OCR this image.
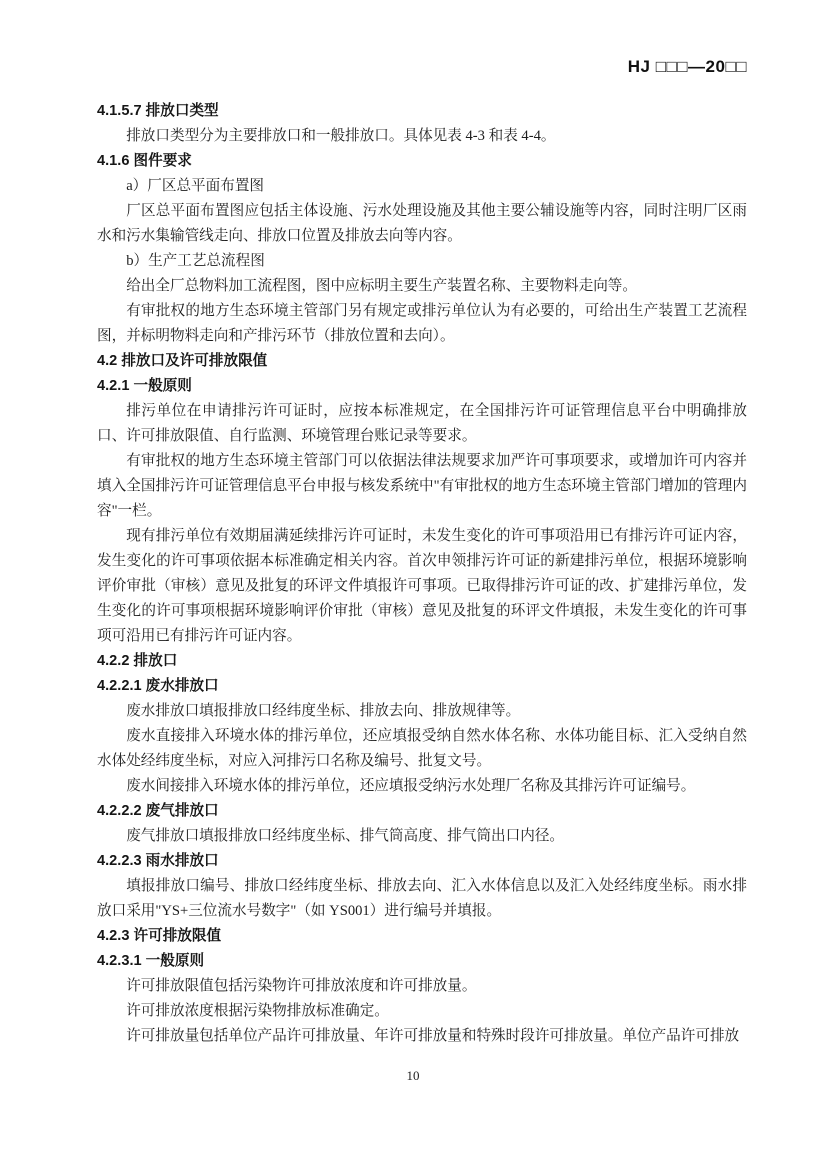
HJ □□□—20□□
4.1.5.7 排放口类型
排放口类型分为主要排放口和一般排放口。具体见表 4-3 和表 4-4。
4.1.6 图件要求
a）厂区总平面布置图
厂区总平面布置图应包括主体设施、污水处理设施及其他主要公辅设施等内容，同时注明厂区雨水和污水集输管线走向、排放口位置及排放去向等内容。
b）生产工艺总流程图
给出全厂总物料加工流程图，图中应标明主要生产装置名称、主要物料走向等。
有审批权的地方生态环境主管部门另有规定或排污单位认为有必要的，可给出生产装置工艺流程图，并标明物料走向和产排污环节（排放位置和去向）。
4.2 排放口及许可排放限值
4.2.1 一般原则
排污单位在申请排污许可证时，应按本标准规定，在全国排污许可证管理信息平台中明确排放口、许可排放限值、自行监测、环境管理台账记录等要求。
有审批权的地方生态环境主管部门可以依据法律法规要求加严许可事项要求，或增加许可内容并填入全国排污许可证管理信息平台申报与核发系统中"有审批权的地方生态环境主管部门增加的管理内容"一栏。
现有排污单位有效期届满延续排污许可证时，未发生变化的许可事项沿用已有排污许可证内容，发生变化的许可事项依据本标准确定相关内容。首次申领排污许可证的新建排污单位，根据环境影响评价审批（审核）意见及批复的环评文件填报许可事项。已取得排污许可证的改、扩建排污单位，发生变化的许可事项根据环境影响评价审批（审核）意见及批复的环评文件填报，未发生变化的许可事项可沿用已有排污许可证内容。
4.2.2 排放口
4.2.2.1 废水排放口
废水排放口填报排放口经纬度坐标、排放去向、排放规律等。
废水直接排入环境水体的排污单位，还应填报受纳自然水体名称、水体功能目标、汇入受纳自然水体处经纬度坐标，对应入河排污口名称及编号、批复文号。
废水间接排入环境水体的排污单位，还应填报受纳污水处理厂名称及其排污许可证编号。
4.2.2.2 废气排放口
废气排放口填报排放口经纬度坐标、排气筒高度、排气筒出口内径。
4.2.2.3 雨水排放口
填报排放口编号、排放口经纬度坐标、排放去向、汇入水体信息以及汇入处经纬度坐标。雨水排放口采用"YS+三位流水号数字"（如 YS001）进行编号并填报。
4.2.3 许可排放限值
4.2.3.1 一般原则
许可排放限值包括污染物许可排放浓度和许可排放量。
许可排放浓度根据污染物排放标准确定。
许可排放量包括单位产品许可排放量、年许可排放量和特殊时段许可排放量。单位产品许可排放
10
